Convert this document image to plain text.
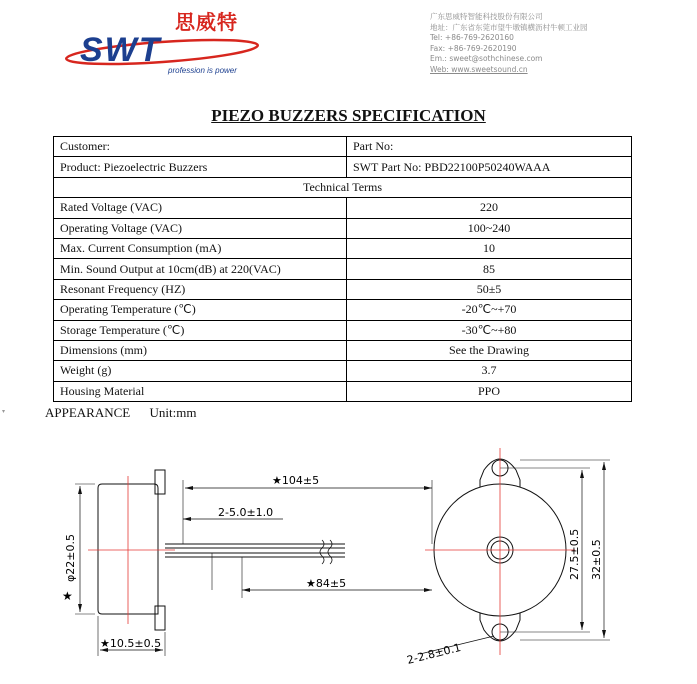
思威特
SWT
profession is power
广东思威特智能科技股份有限公司
地址：广东省东莞市望牛墩镇横沥村牛顿工业园
Tel: +86-769-2620160
Fax: +86-769-2620190
Em.: sweet@sothchinese.com
Web: www.sweetsound.cn
PIEZO BUZZERS SPECIFICATION
Customer:	Part No:
Product: Piezoelectric Buzzers	SWT Part No: PBD22100P50240WAAA
Technical Terms	
Rated Voltage (VAC)	220
Operating Voltage (VAC)	100~240
Max. Current Consumption (mA)	10
Min. Sound Output at 10cm(dB) at 220(VAC)	85
Resonant Frequency (HZ)	50±5
Operating Temperature (℃)	-20℃~+70
Storage Temperature (℃)	-30℃~+80
Dimensions (mm)	See the Drawing
Weight (g)	3.7
Housing Material	PPO
▾	APPEARANCE Unit:mm
★104±5
2-5.0±1.0
★84±5
φ22±0.5
★
★10.5±0.5
27.5±0.5 32±0.5
2-2.8±0.1
